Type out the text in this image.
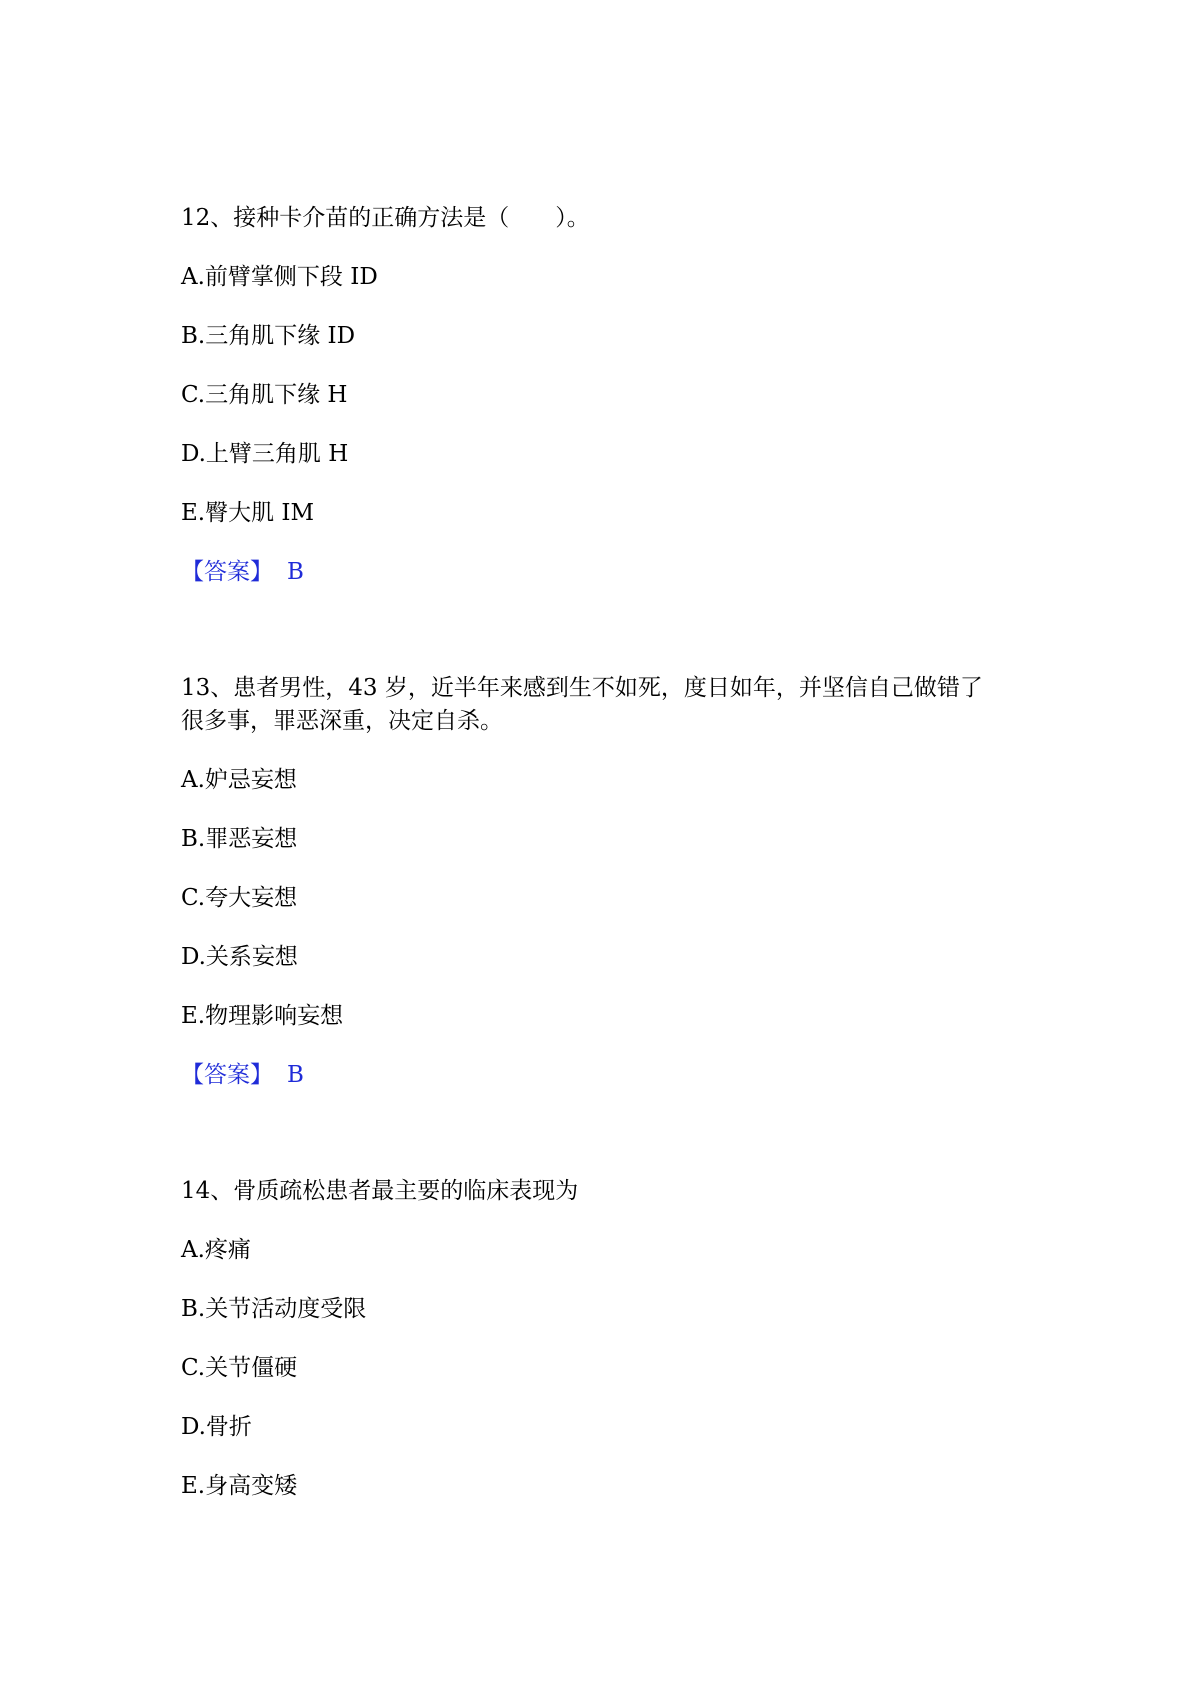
12、接种卡介苗的正确方法是（　　）。
A.前臂掌侧下段 ID
B.三角肌下缘 ID
C.三角肌下缘 H
D.上臂三角肌 H
E.臀大肌 IM
【答案】 B
13、患者男性，43 岁，近半年来感到生不如死，度日如年，并坚信自己做错了
很多事，罪恶深重，决定自杀。
A.妒忌妄想
B.罪恶妄想
C.夸大妄想
D.关系妄想
E.物理影响妄想
【答案】 B
14、骨质疏松患者最主要的临床表现为
A.疼痛
B.关节活动度受限
C.关节僵硬
D.骨折
E.身高变矮
